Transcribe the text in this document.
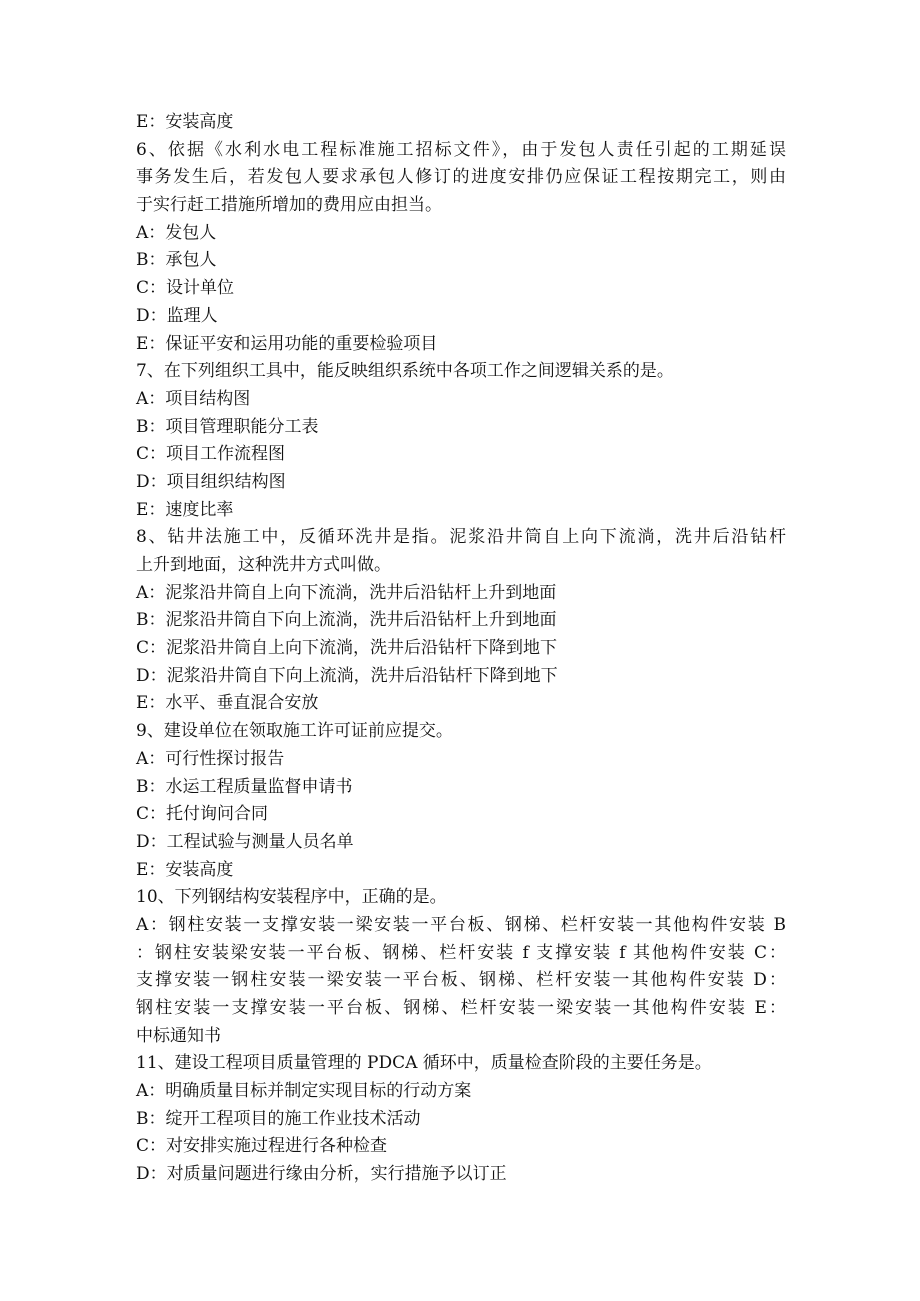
E：安装高度
6、依据《水利水电工程标准施工招标文件》，由于发包人责任引起的工期延误
事务发生后，若发包人要求承包人修订的进度安排仍应保证工程按期完工，则由
于实行赶工措施所增加的费用应由担当。
A：发包人
B：承包人
C：设计单位
D：监理人
E：保证平安和运用功能的重要检验项目
7、在下列组织工具中，能反映组织系统中各项工作之间逻辑关系的是。
A：项目结构图
B：项目管理职能分工表
C：项目工作流程图
D：项目组织结构图
E：速度比率
8、钻井法施工中，反循环洗井是指。泥浆沿井筒自上向下流淌，洗井后沿钻杆
上升到地面，这种洗井方式叫做。
A：泥浆沿井筒自上向下流淌，洗井后沿钻杆上升到地面
B：泥浆沿井筒自下向上流淌，洗井后沿钻杆上升到地面
C：泥浆沿井筒自上向下流淌，洗井后沿钻杆下降到地下
D：泥浆沿井筒自下向上流淌，洗井后沿钻杆下降到地下
E：水平、垂直混合安放
9、建设单位在领取施工许可证前应提交。
A：可行性探讨报告
B：水运工程质量监督申请书
C：托付询问合同
D：工程试验与测量人员名单
E：安装高度
10、下列钢结构安装程序中，正确的是。
A：钢柱安装一支撑安装一梁安装一平台板、钢梯、栏杆安装一其他构件安装 B
：钢柱安装梁安装一平台板、钢梯、栏杆安装 f 支撑安装 f 其他构件安装 C：
支撑安装一钢柱安装一梁安装一平台板、钢梯、栏杆安装一其他构件安装 D：
钢柱安装一支撑安装一平台板、钢梯、栏杆安装一梁安装一其他构件安装 E：
中标通知书
11、建设工程项目质量管理的 PDCA 循环中，质量检查阶段的主要任务是。
A：明确质量目标并制定实现目标的行动方案
B：绽开工程项目的施工作业技术活动
C：对安排实施过程进行各种检查
D：对质量问题进行缘由分析，实行措施予以订正
